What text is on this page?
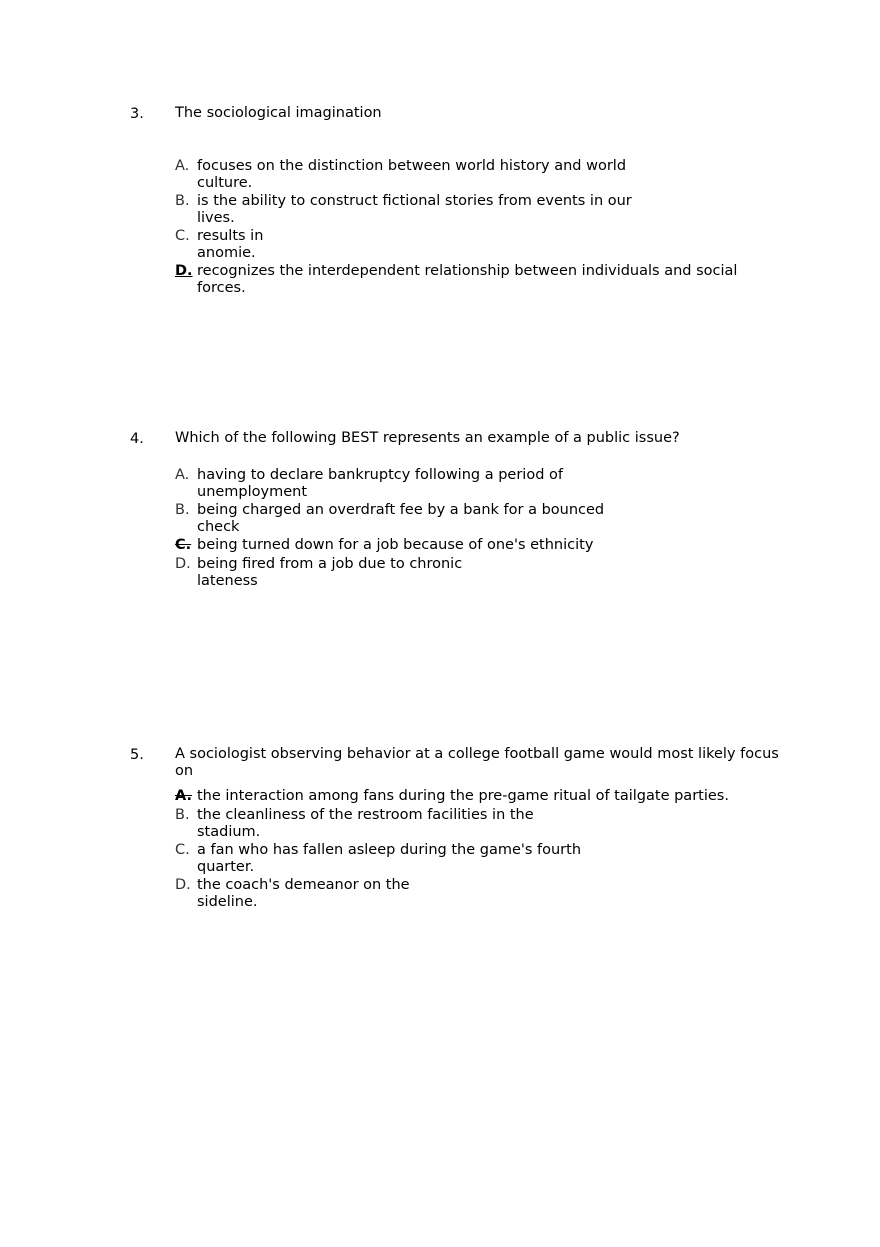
3. The sociological imagination
A. focuses on the distinction between world history and world culture.
B. is the ability to construct fictional stories from events in our lives.
C. results in anomie.
D. recognizes the interdependent relationship between individuals and social forces.
4. Which of the following BEST represents an example of a public issue?
A. having to declare bankruptcy following a period of unemployment
B. being charged an overdraft fee by a bank for a bounced check
C. being turned down for a job because of one's ethnicity
D. being fired from a job due to chronic lateness
5. A sociologist observing behavior at a college football game would most likely focus on
A. the interaction among fans during the pre-game ritual of tailgate parties.
B. the cleanliness of the restroom facilities in the stadium.
C. a fan who has fallen asleep during the game's fourth quarter.
D. the coach's demeanor on the sideline.
